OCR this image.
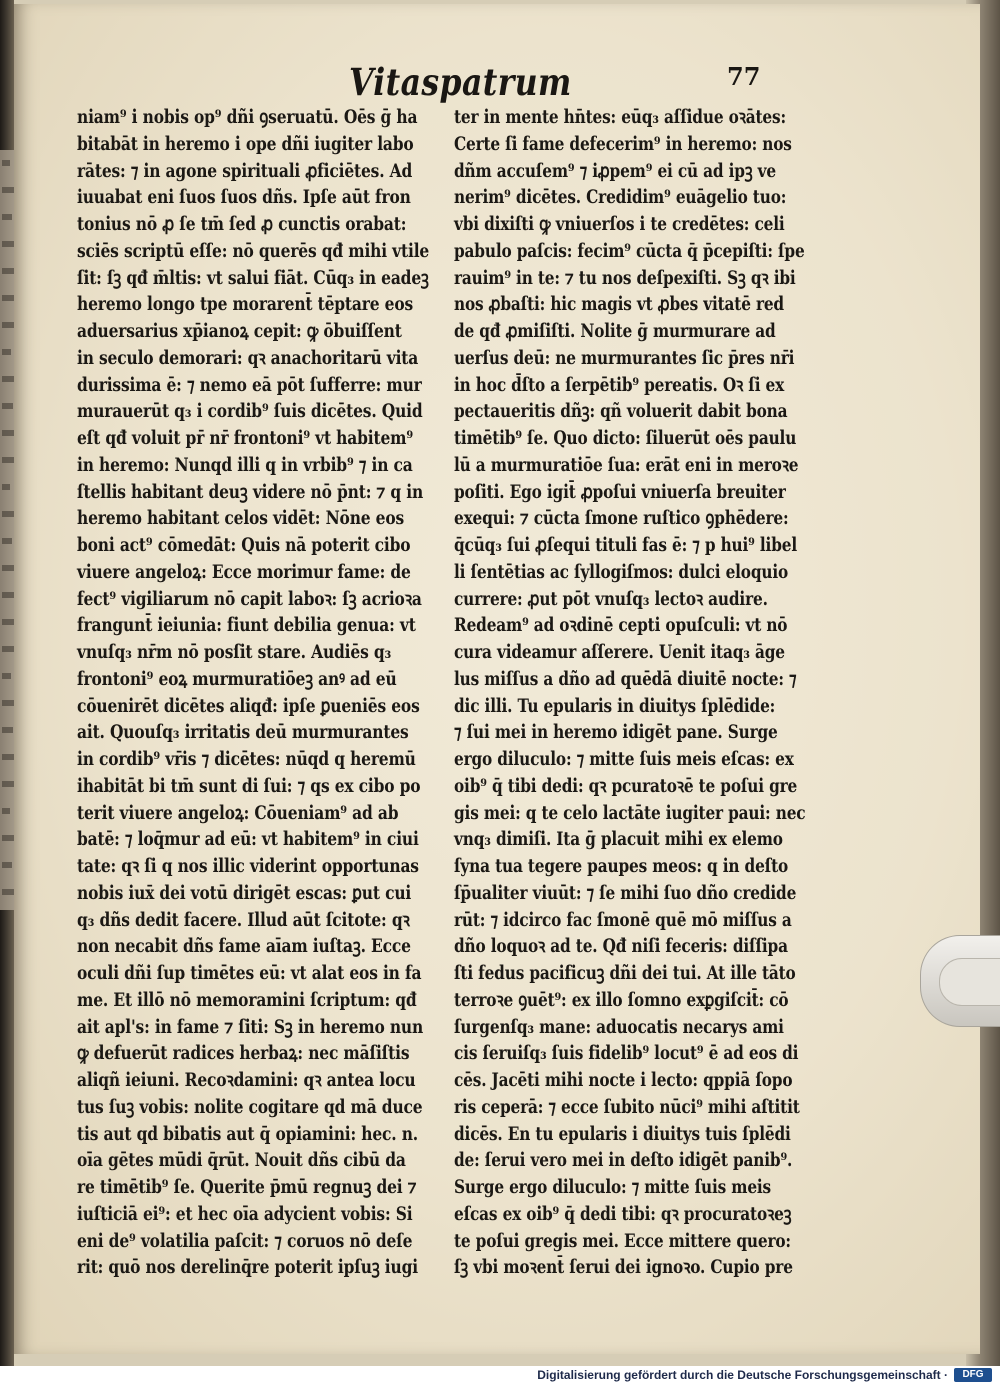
Vitaspatrum	77
niam⁹ i nobis op⁹ dñi ꝯseruatū. Oēs ḡ ha
bitabāt in heremo i ope dñi iugiter labo
rātes: ⁊ in agone spirituali ꝓficiētes. Ad
iuuabat eni ſuos ſuos dñs. Ipſe aūt fron
tonius nō ꝓ ſe tm̄ ſed ꝓ cunctis orabat:
sciēs scriptū eſſe: nō querēs qđ mihi vtile
ſit: ſꝫ qđ m̄ltis: vt salui fiāt. Cūq₃ in eadeꝫ
heremo longo tpe morarent̄ tēptare eos
aduersarius xp̄ianoꝝ cepit: ꝙ ōbuiſſent
in seculo demorari: qꝛ anachoritarū vita
durissima ē: ⁊ nemo eā pōt ſufferre: mur
murauerūt q₃ i cordib⁹ ſuis dicētes. Quid
eſt qđ voluit pr̄ nr̄ frontoni⁹ vt habitem⁹
in heremo: Nunqd illi q in vrbib⁹ ⁊ in ca
ſtellis habitant deuꝫ videre nō p̄nt: ⁊ q in
heremo habitant celos vidēt: Nōne eos
boni act⁹ cōmedāt: Quis nā poterit cibo
viuere angeloꝝ: Ecce morimur fame: de
fect⁹ vigiliarum nō capit laboꝛ: ſꝫ acrioꝛa
frangunt̄ ieiunia: fiunt debilia genua: vt
vnuſq₃ nr̄m nō posſit stare. Audiēs q₃
frontoni⁹ eoꝝ murmuratiōeꝫ anꝰ ad eū
cōuenirēt dicētes aliqđ: ipſe ꝑueniēs eos
ait. Quouſq₃ irritatis deū murmurantes
in cordib⁹ vr̄is ⁊ dicētes: nūqd q heremū
ihabitāt bi tm̄ sunt di ſui: ⁊ qs ex cibo po
terit viuere angeloꝝ: Cōueniam⁹ ad ab
batē: ⁊ loq̄mur ad eū: vt habitem⁹ in ciui
tate: qꝛ ſi q nos illic viderint opportunas
nobis iux̄ dei votū dirigēt escas: ꝑut cui
q₃ dñs dedit facere. Illud aūt ſcitote: qꝛ
non necabit dñs fame aīam iuſtaꝫ. Ecce
oculi dñi ſup timētes eū: vt alat eos in fa
me. Et illō nō memoramini ſcriptum: qđ
ait apl's: in fame ⁊ ſiti: Sꝫ in heremo nun
ꝙ defuerūt radices herbaꝝ: nec māſiſtis
aliqñ ieiuni. Recoꝛdamini: qꝛ antea locu
tus ſuꝫ vobis: nolite cogitare qd mā duce
tis aut qd bibatis aut q̄ opiamini: hec. n.
oīa gētes mūdi q̄rūt. Nouit dñs cibū da
re timētib⁹ ſe. Querite p̄mū regnuꝫ dei ⁊
iuſticiā ei⁹: et hec oīa adycient vobis: Si
eni de⁹ volatilia paſcit: ⁊ coruos nō deſe
rit: quō nos derelinq̄re poterit ipſuꝫ iugi
ter in mente hn̄tes: eūq₃ aſſidue oꝛātes:
Certe ſi fame defecerim⁹ in heremo: nos
dñm accuſem⁹ ⁊ iꝓpem⁹ ei cū ad ipꝫ ve
nerim⁹ dicētes. Credidim⁹ euāgelio tuo:
vbi dixiſti ꝙ vniuerſos i te credētes: celi
pabulo paſcis: fecim⁹ cūcta q̄ p̄cepiſti: ſpe
rauim⁹ in te: ⁊ tu nos deſpexiſti. Sꝫ qꝛ ibi
nos ꝓbaſti: hic magis vt ꝓbes vitatē red
de qđ ꝓmiſiſti. Nolite ḡ murmurare ad
uerſus deū: ne murmurantes ſic p̄res nr̄i
in hoc d̄ſto a ſerpētib⁹ pereatis. Oꝛ ſi ex
pectaueritis dñꝫ: qñ voluerit dabit bona
timētib⁹ ſe. Quo dicto: ſiluerūt oēs paulu
lū a murmuratiōe ſua: erāt eni in meroꝛe
poſiti. Ego igit̄ ꝓpoſui vniuerſa breuiter
exequi: ⁊ cūcta ſmone ruſtico ꝯphēdere:
q̄cūq₃ ſui ꝓſequi tituli fas ē: ⁊ p hui⁹ libel
li ſentētias ac ſyllogiſmos: dulci eloquio
currere: ꝓut pōt vnuſq₃ lectoꝛ audire.
Redeam⁹ ad oꝛdinē cepti opuſculi: vt nō
cura videamur aſſerere. Uenit itaq₃ āge
lus miſſus a dño ad quēdā diuitē nocte: ⁊
dic illi. Tu epularis in diuitys ſplēdide:
⁊ ſui mei in heremo idigēt pane. Surge
ergo diluculo: ⁊ mitte ſuis meis eſcas: ex
oib⁹ q̄ tibi dedi: qꝛ pcuratoꝛē te poſui gre
gis mei: q te celo lactāte iugiter paui: nec
vnq₃ dimiſi. Ita ḡ placuit mihi ex elemo
ſyna tua tegere paupes meos: q in deſto
ſp̄ualiter viuūt: ⁊ ſe mihi ſuo dño credide
rūt: ⁊ idcirco fac ſmonē quē mō miſſus a
dño loquoꝛ ad te. Qđ niſi feceris: diſſipa
ſti fedus pacificuꝫ dñi dei tui. At ille tāto
terroꝛe ꝯuēt⁹: ex illo ſomno exꝑgiſcit̄: cō
ſurgenſq₃ mane: aduocatis necarys ami
cis ſeruiſq₃ ſuis fidelib⁹ locut⁹ ē ad eos di
cēs. Jacēti mihi nocte i lecto: qppiā ſopo
ris ceperā: ⁊ ecce ſubito nūci⁹ mihi aſtitit
dicēs. En tu epularis i diuitys tuis ſplēdi
de: ſerui vero mei in deſto idigēt panib⁹.
Surge ergo diluculo: ⁊ mitte ſuis meis
eſcas ex oib⁹ q̄ dedi tibi: qꝛ procuratoꝛeꝫ
te poſui gregis mei. Ecce mittere quero:
ſꝫ vbi moꝛent̄ ſerui dei ignoꝛo. Cupio pre
Digitalisierung gefördert durch die Deutsche Forschungsgemeinschaft ·	DFG
